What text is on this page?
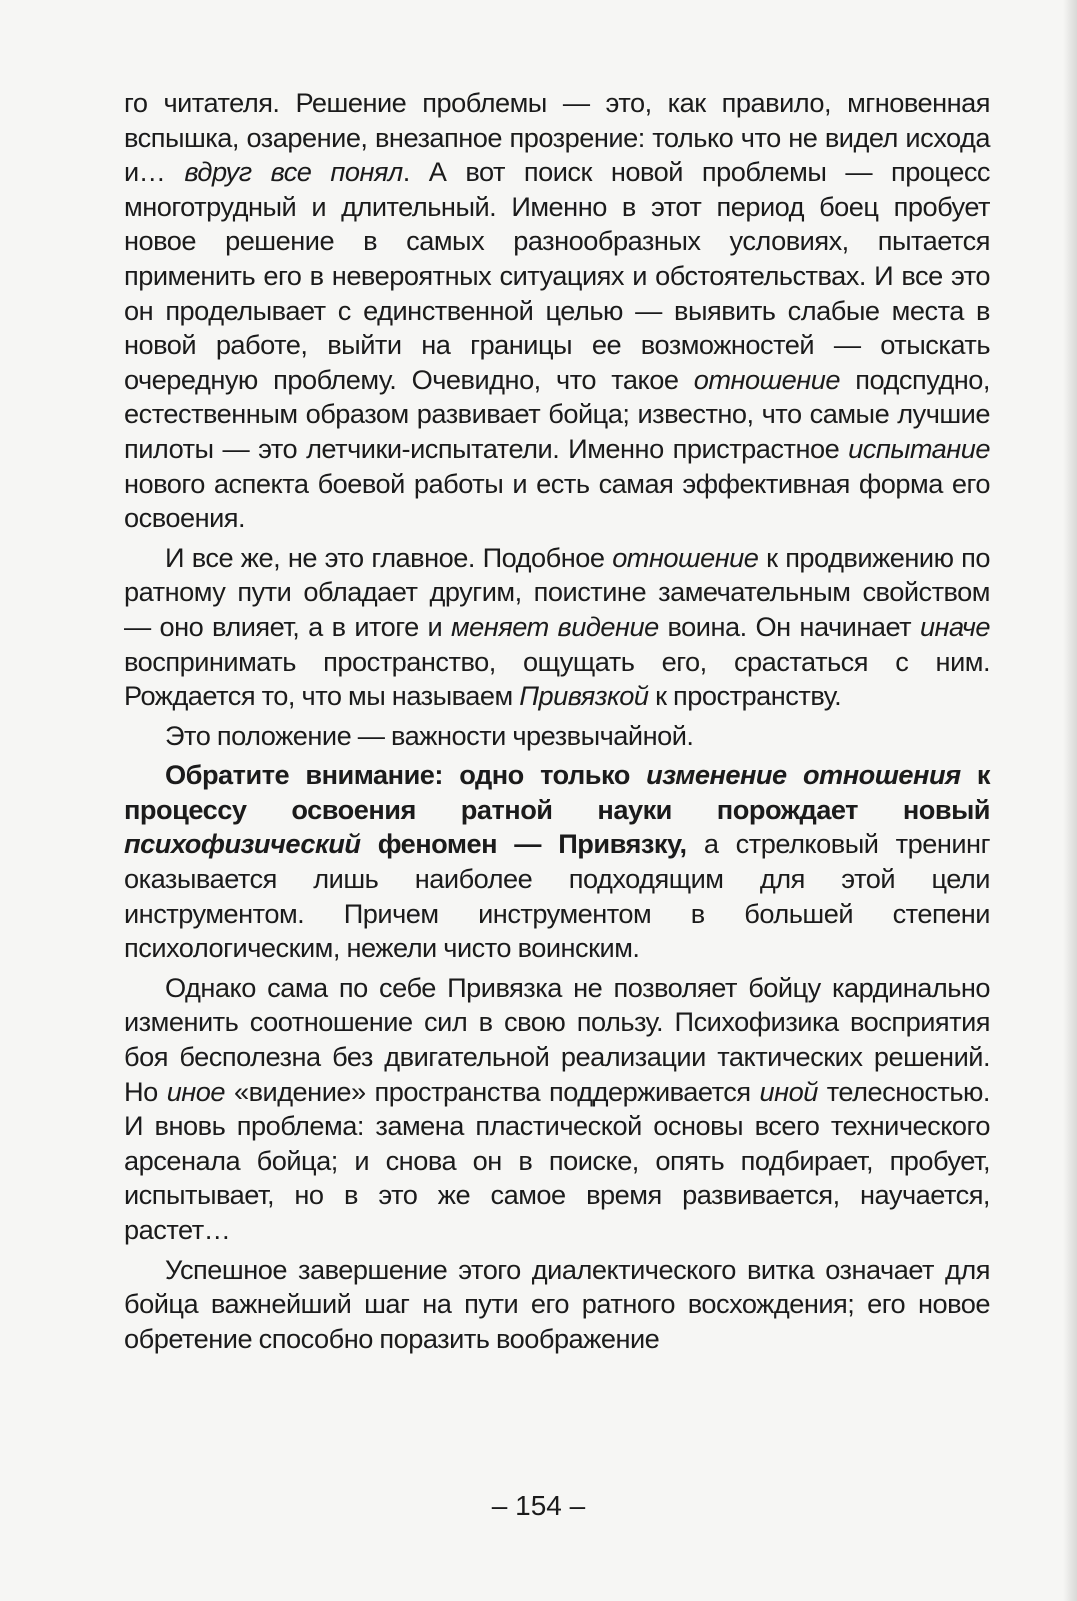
го читателя. Решение проблемы — это, как правило, мгновенная вспышка, озарение, внезапное прозрение: только что не видел исхода и… вдруг все понял. А вот поиск новой проблемы — процесс многотрудный и длительный. Именно в этот период боец пробует новое решение в самых разнообразных условиях, пытается применить его в невероятных ситуациях и обстоятельствах. И все это он проделывает с единственной целью — выявить слабые места в новой работе, выйти на границы ее возможностей — отыскать очередную проблему. Очевидно, что такое отношение подспудно, естественным образом развивает бойца; известно, что самые лучшие пилоты — это летчики-испытатели. Именно пристрастное испытание нового аспекта боевой работы и есть самая эффективная форма его освоения.

И все же, не это главное. Подобное отношение к продвижению по ратному пути обладает другим, поистине замечательным свойством — оно влияет, а в итоге и меняет видение воина. Он начинает иначе воспринимать пространство, ощущать его, срастаться с ним. Рождается то, что мы называем Привязкой к пространству.

Это положение — важности чрезвычайной.

Обратите внимание: одно только изменение отношения к процессу освоения ратной науки порождает новый психофизический феномен — Привязку, а стрелковый тренинг оказывается лишь наиболее подходящим для этой цели инструментом. Причем инструментом в большей степени психологическим, нежели чисто воинским.

Однако сама по себе Привязка не позволяет бойцу кардинально изменить соотношение сил в свою пользу. Психофизика восприятия боя бесполезна без двигательной реализации тактических решений. Но иное «видение» пространства поддерживается иной телесностью. И вновь проблема: замена пластической основы всего технического арсенала бойца; и снова он в поиске, опять подбирает, пробует, испытывает, но в это же самое время развивается, научается, растет…

Успешное завершение этого диалектического витка означает для бойца важнейший шаг на пути его ратного восхождения; его новое обретение способно поразить воображение

– 154 –
